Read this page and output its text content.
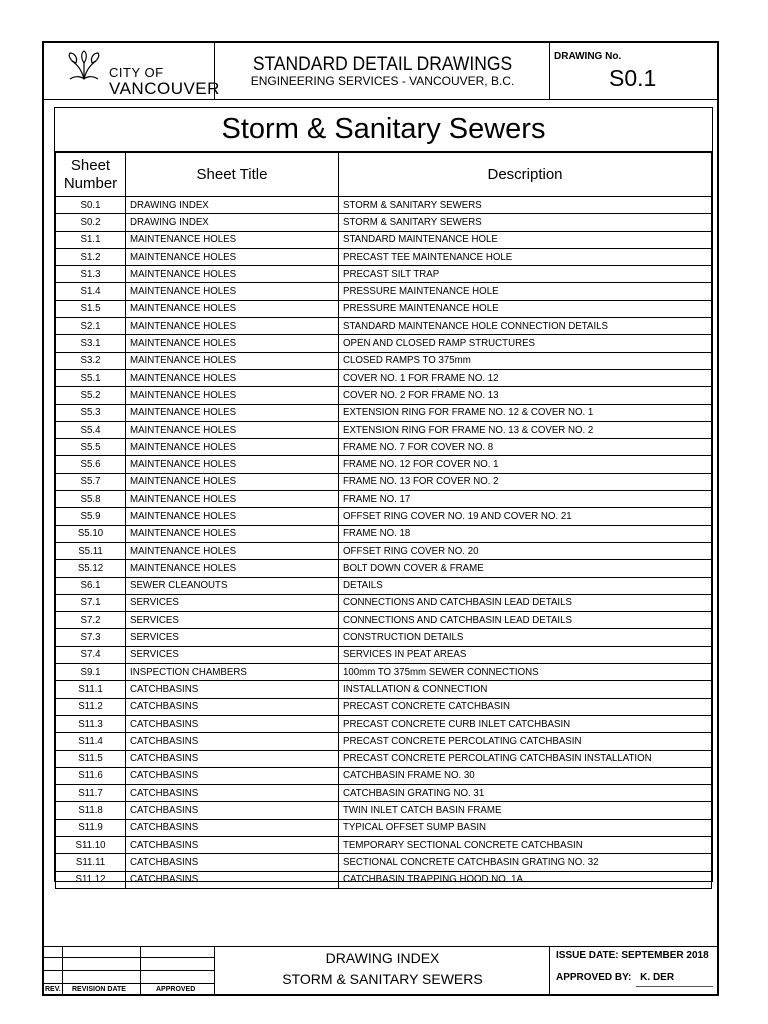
CITY OF
VANCOUVER
STANDARD DETAIL DRAWINGS
ENGINEERING SERVICES - VANCOUVER, B.C.
DRAWING No.
S0.1
Storm & Sanitary Sewers
Sheet
Number	Sheet Title	Description
S0.1	DRAWING INDEX	STORM & SANITARY SEWERS
S0.2	DRAWING INDEX	STORM & SANITARY SEWERS
S1.1	MAINTENANCE HOLES	STANDARD MAINTENANCE HOLE
S1.2	MAINTENANCE HOLES	PRECAST TEE MAINTENANCE HOLE
S1.3	MAINTENANCE HOLES	PRECAST SILT TRAP
S1.4	MAINTENANCE HOLES	PRESSURE MAINTENANCE HOLE
S1.5	MAINTENANCE HOLES	PRESSURE MAINTENANCE HOLE
S2.1	MAINTENANCE HOLES	STANDARD MAINTENANCE HOLE CONNECTION DETAILS
S3.1	MAINTENANCE HOLES	OPEN AND CLOSED RAMP STRUCTURES
S3.2	MAINTENANCE HOLES	CLOSED RAMPS TO 375mm
S5.1	MAINTENANCE HOLES	COVER NO. 1 FOR FRAME NO. 12
S5.2	MAINTENANCE HOLES	COVER NO. 2 FOR FRAME NO. 13
S5.3	MAINTENANCE HOLES	EXTENSION RING FOR FRAME NO. 12 & COVER NO. 1
S5.4	MAINTENANCE HOLES	EXTENSION RING FOR FRAME NO. 13 & COVER NO. 2
S5.5	MAINTENANCE HOLES	FRAME NO. 7 FOR COVER NO. 8
S5.6	MAINTENANCE HOLES	FRAME NO. 12 FOR COVER NO. 1
S5.7	MAINTENANCE HOLES	FRAME NO. 13 FOR COVER NO. 2
S5.8	MAINTENANCE HOLES	FRAME NO. 17
S5.9	MAINTENANCE HOLES	OFFSET RING COVER NO. 19 AND COVER NO. 21
S5.10	MAINTENANCE HOLES	FRAME NO. 18
S5.11	MAINTENANCE HOLES	OFFSET RING COVER NO. 20
S5.12	MAINTENANCE HOLES	BOLT DOWN COVER & FRAME
S6.1	SEWER CLEANOUTS	DETAILS
S7.1	SERVICES	CONNECTIONS AND CATCHBASIN LEAD DETAILS
S7.2	SERVICES	CONNECTIONS AND CATCHBASIN LEAD DETAILS
S7.3	SERVICES	CONSTRUCTION DETAILS
S7.4	SERVICES	SERVICES IN PEAT AREAS
S9.1	INSPECTION CHAMBERS	100mm TO 375mm SEWER CONNECTIONS
S11.1	CATCHBASINS	INSTALLATION & CONNECTION
S11.2	CATCHBASINS	PRECAST CONCRETE CATCHBASIN
S11.3	CATCHBASINS	PRECAST CONCRETE CURB INLET CATCHBASIN
S11.4	CATCHBASINS	PRECAST CONCRETE PERCOLATING CATCHBASIN
S11.5	CATCHBASINS	PRECAST CONCRETE PERCOLATING CATCHBASIN INSTALLATION
S11.6	CATCHBASINS	CATCHBASIN FRAME NO. 30
S11.7	CATCHBASINS	CATCHBASIN GRATING NO. 31
S11.8	CATCHBASINS	TWIN INLET CATCH BASIN FRAME
S11.9	CATCHBASINS	TYPICAL OFFSET SUMP BASIN
S11.10	CATCHBASINS	TEMPORARY SECTIONAL CONCRETE CATCHBASIN
S11.11	CATCHBASINS	SECTIONAL CONCRETE CATCHBASIN GRATING NO. 32
S11.12	CATCHBASINS	CATCHBASIN TRAPPING HOOD NO. 1A
REV. REVISION DATE	APPROVED
DRAWING INDEX
STORM & SANITARY SEWERS
ISSUE DATE: SEPTEMBER 2018
APPROVED BY: K. DER
